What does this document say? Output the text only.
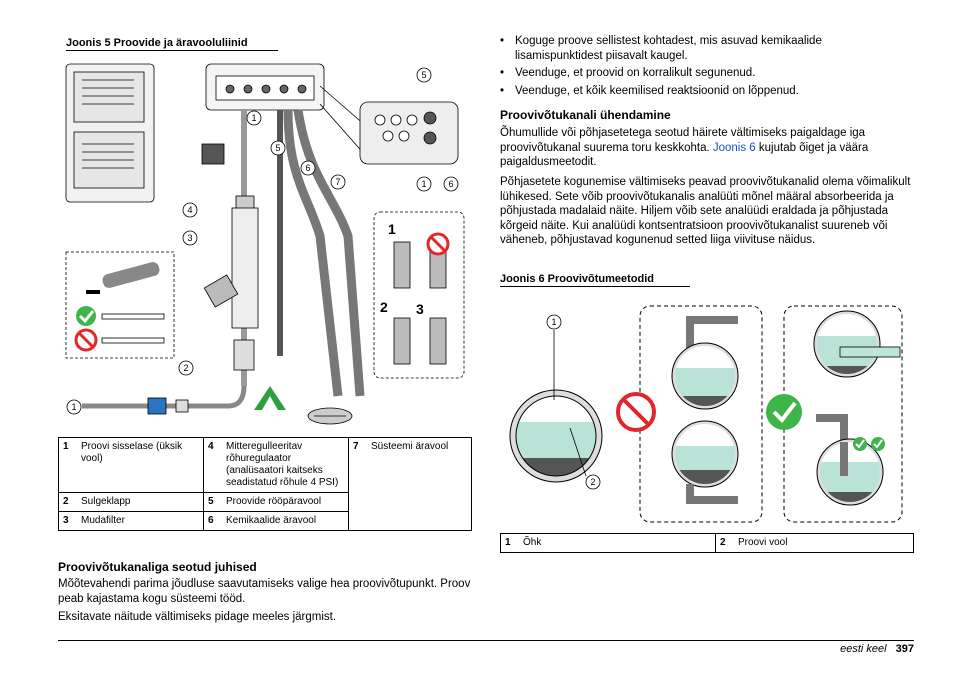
Joonis 5 Proovide ja äravooluliinid
1
2
3
4
5
6
7
1
5
1 6
1
2 3
1	Proovi sisselase (üksik vool)	4	Mitteregulleeritav rõhuregulaator (analüsaatori kaitseks seadistatud rõhule 4 PSI)	7	Süsteemi äravool
2	Sulgeklapp	5	Proovide rööpäravool		
3	Mudafilter	6	Kemikaalide äravool		
Proovivõtukanaliga seotud juhised
Mõõtevahendi parima jõudluse saavutamiseks valige hea proovivõtupunkt. Proov peab kajastama kogu süsteemi tööd.
Eksitavate näitude vältimiseks pidage meeles järgmist.
• Koguge proove sellistest kohtadest, mis asuvad kemikaalide lisamispunktidest piisavalt kaugel.
• Veenduge, et proovid on korralikult segunenud.
• Veenduge, et kõik keemilised reaktsioonid on lõppenud.
Proovivõtukanali ühendamine
Õhumullide või põhjasetetega seotud häirete vältimiseks paigaldage iga proovivõtukanal suurema toru keskkohta. Joonis 6 kujutab õiget ja väära paigaldusmeetodit.
Põhjasetete kogunemise vältimiseks peavad proovivõtukanalid olema võimalikult lühikesed. Sete võib proovivõtukanalis analüüti mõnel määral absorbeerida ja põhjustada madalaid näite. Hiljem võib sete analüüdi eraldada ja põhjustada kõrgeid näite. Kui analüüdi kontsentratsioon proovivõtukanalist suureneb või väheneb, põhjustavad kogunenud setted liiga viivituse näidus.
Joonis 6 Proovivõtumeetodid
1
2
1	Õhk	2	Proovi vool
eesti keel 397
